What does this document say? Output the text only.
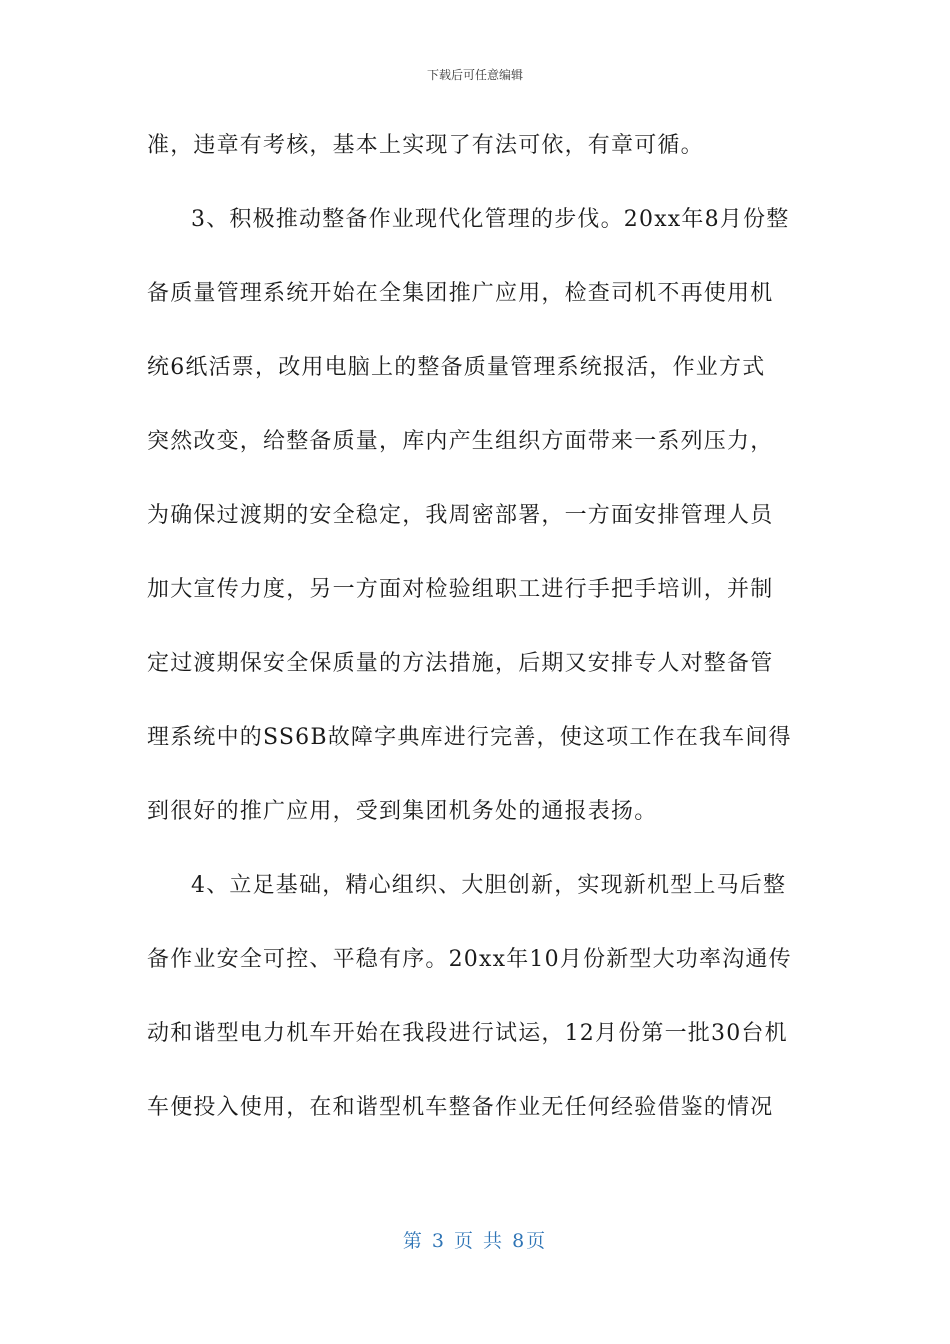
下载后可任意编辑
准，违章有考核，基本上实现了有法可依，有章可循。
3、积极推动整备作业现代化管理的步伐。20xx年8月份整
备质量管理系统开始在全集团推广应用，检查司机不再使用机
统6纸活票，改用电脑上的整备质量管理系统报活，作业方式
突然改变，给整备质量，库内产生组织方面带来一系列压力，
为确保过渡期的安全稳定，我周密部署，一方面安排管理人员
加大宣传力度，另一方面对检验组职工进行手把手培训，并制
定过渡期保安全保质量的方法措施，后期又安排专人对整备管
理系统中的SS6B故障字典库进行完善，使这项工作在我车间得
到很好的推广应用，受到集团机务处的通报表扬。
4、立足基础，精心组织、大胆创新，实现新机型上马后整
备作业安全可控、平稳有序。20xx年10月份新型大功率沟通传
动和谐型电力机车开始在我段进行试运，12月份第一批30台机
车便投入使用，在和谐型机车整备作业无任何经验借鉴的情况
第 3 页 共 8页
